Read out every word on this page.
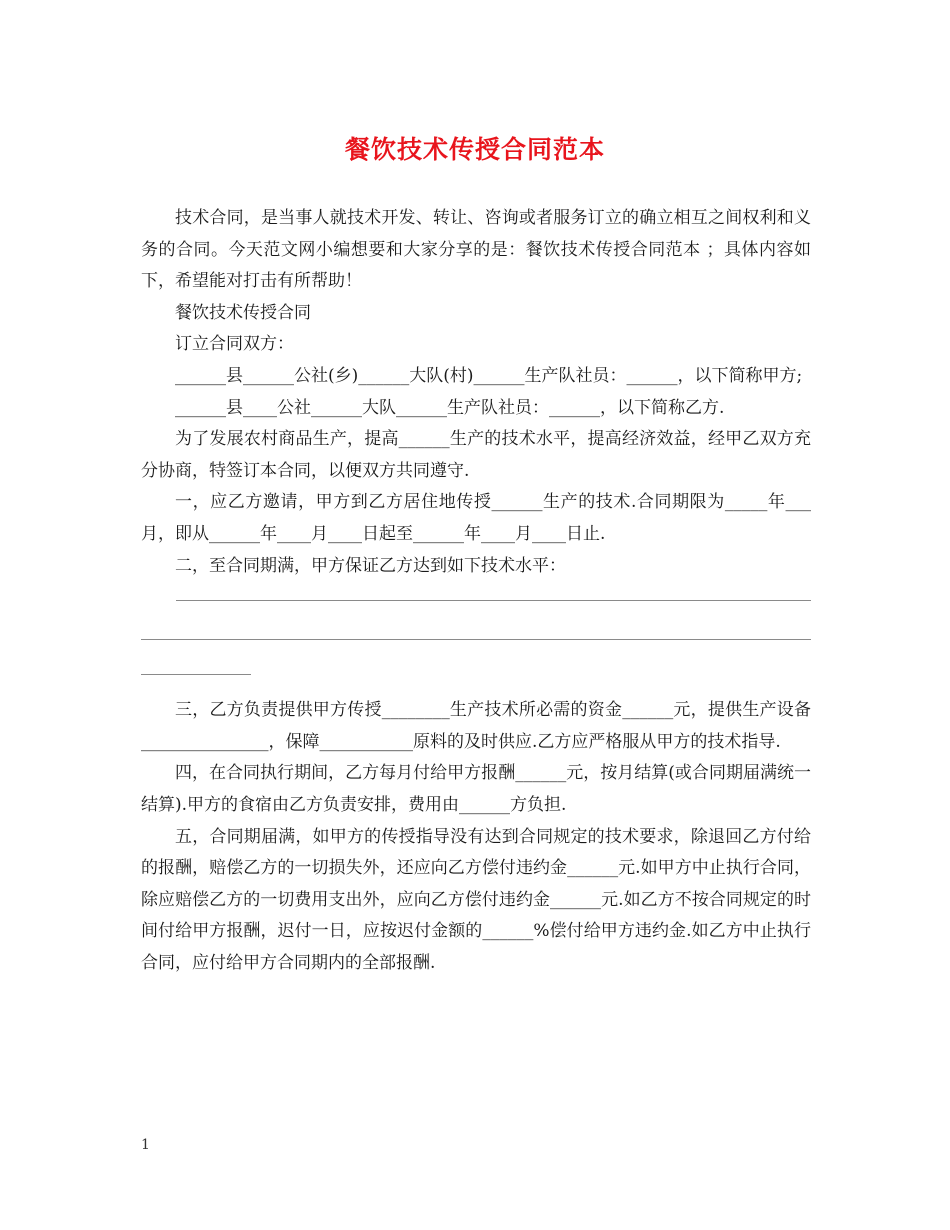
餐饮技术传授合同范本

技术合同，是当事人就技术开发、转让、咨询或者服务订立的确立相互之间权利和义务的合同。今天范文网小编想要和大家分享的是：餐饮技术传授合同范本 ；具体内容如下，希望能对打击有所帮助！

餐饮技术传授合同

订立合同双方：

______县______公社(乡)______大队(村)______生产队社员：______，以下简称甲方;

______县____公社______大队______生产队社员：______，以下简称乙方.

为了发展农村商品生产，提高______生产的技术水平，提高经济效益，经甲乙双方充分协商，特签订本合同，以便双方共同遵守.

一，应乙方邀请，甲方到乙方居住地传授______生产的技术.合同期限为_____年___月，即从______年____月____日起至______年____月____日止.

二，至合同期满，甲方保证乙方达到如下技术水平：

三，乙方负责提供甲方传授________生产技术所必需的资金______元，提供生产设备_______________，保障___________原料的及时供应.乙方应严格服从甲方的技术指导.

四，在合同执行期间，乙方每月付给甲方报酬______元，按月结算(或合同期届满统一结算).甲方的食宿由乙方负责安排，费用由______方负担.

五，合同期届满，如甲方的传授指导没有达到合同规定的技术要求，除退回乙方付给的报酬，赔偿乙方的一切损失外，还应向乙方偿付违约金______元.如甲方中止执行合同，除应赔偿乙方的一切费用支出外，应向乙方偿付违约金______元.如乙方不按合同规定的时间付给甲方报酬，迟付一日，应按迟付金额的______%偿付给甲方违约金.如乙方中止执行合同，应付给甲方合同期内的全部报酬.

1
